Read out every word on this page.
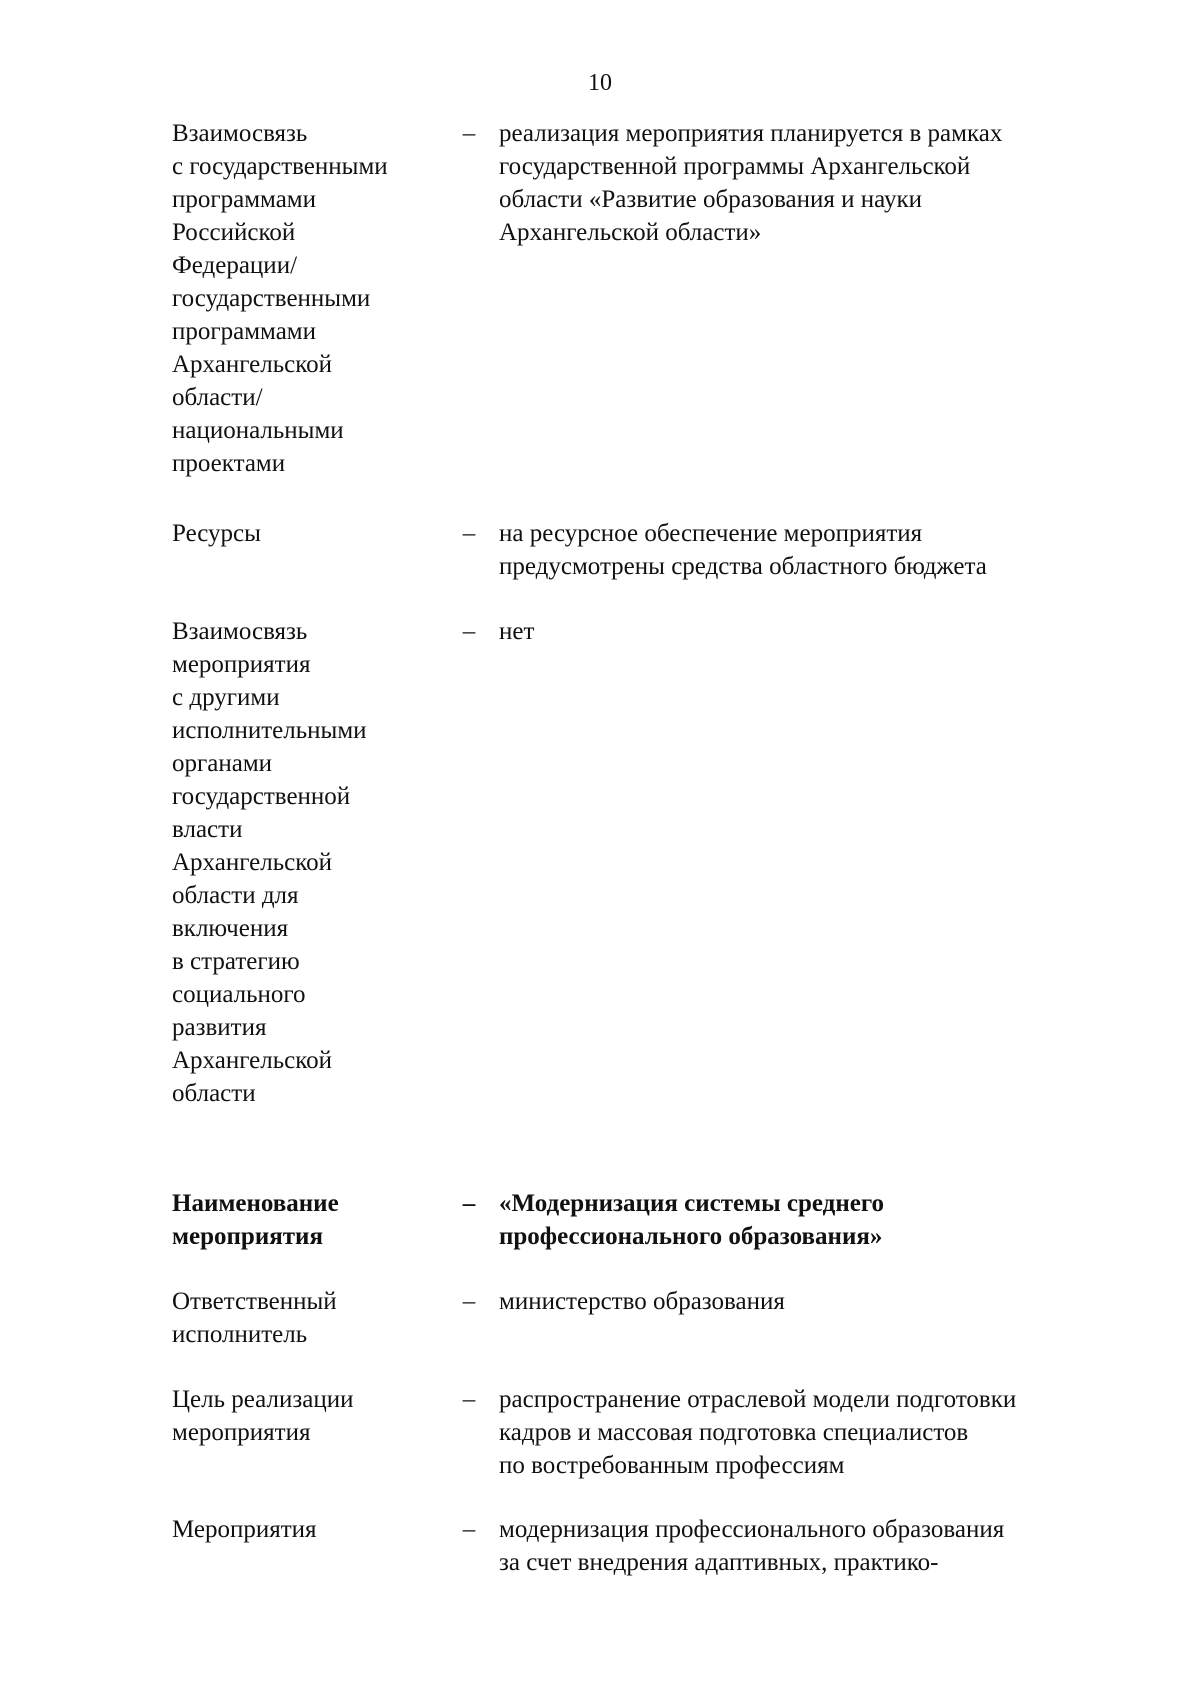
10
Взаимосвязь
с государственными
программами
Российской
Федерации/
государственными
программами
Архангельской
области/
национальными
проектами
– реализация мероприятия планируется в рамках
государственной программы Архангельской
области «Развитие образования и науки
Архангельской области»
Ресурсы	– на ресурсное обеспечение мероприятия
предусмотрены средства областного бюджета
Взаимосвязь
мероприятия
с другими
исполнительными
органами
государственной
власти
Архангельской
области для
включения
в стратегию
социального
развития
Архангельской
области
– нет
Наименование
мероприятия
– «Модернизация системы среднего
профессионального образования»
Ответственный
исполнитель
– министерство образования
Цель реализации
мероприятия
– распространение отраслевой модели подготовки
кадров и массовая подготовка специалистов
по востребованным профессиям
Мероприятия	– модернизация профессионального образования
за счет внедрения адаптивных, практико-
